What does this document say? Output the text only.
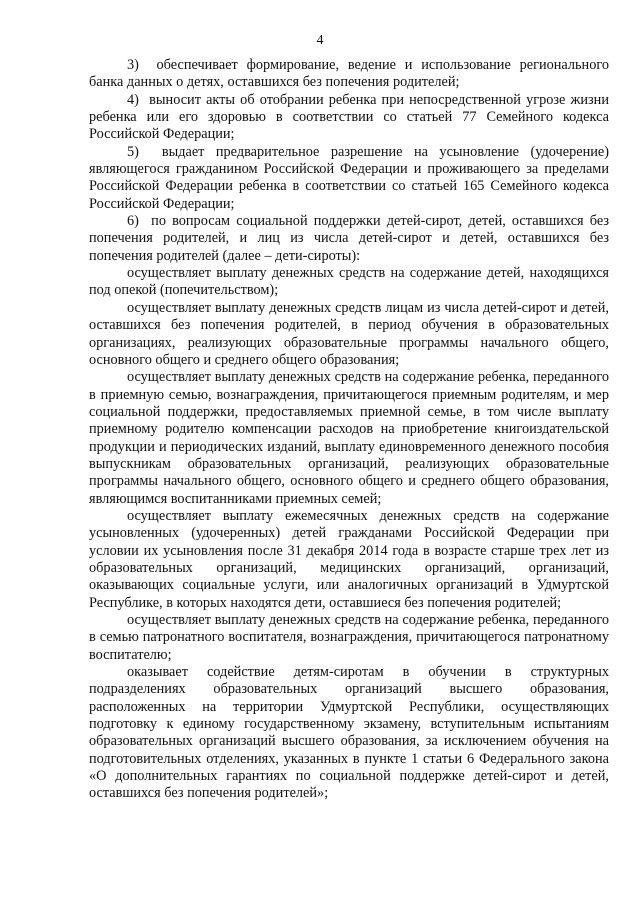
4

3)  обеспечивает формирование, ведение и использование регионального банка данных о детях, оставшихся без попечения родителей;

4)  выносит акты об отобрании ребенка при непосредственной угрозе жизни ребенка или его здоровью в соответствии со статьей 77 Семейного кодекса Российской Федерации;

5)  выдает предварительное разрешение на усыновление (удочерение) являющегося гражданином Российской Федерации и проживающего за пределами Российской Федерации ребенка в соответствии со статьей 165 Семейного кодекса Российской Федерации;

6)  по вопросам социальной поддержки детей-сирот, детей, оставшихся без попечения родителей, и лиц из числа детей-сирот и детей, оставшихся без попечения родителей (далее – дети-сироты):

осуществляет выплату денежных средств на содержание детей, находящихся под опекой (попечительством);

осуществляет выплату денежных средств лицам из числа детей-сирот и детей, оставшихся без попечения родителей, в период обучения в образовательных организациях, реализующих образовательные программы начального общего, основного общего и среднего общего образования;

осуществляет выплату денежных средств на содержание ребенка, переданного в приемную семью, вознаграждения, причитающегося приемным родителям, и мер социальной поддержки, предоставляемых приемной семье, в том числе выплату приемному родителю компенсации расходов на приобретение книгоиздательской продукции и периодических изданий, выплату единовременного денежного пособия выпускникам образовательных организаций, реализующих образовательные программы начального общего, основного общего и среднего общего образования, являющимся воспитанниками приемных семей;

осуществляет выплату ежемесячных денежных средств на содержание усыновленных (удочеренных) детей гражданами Российской Федерации при условии их усыновления после 31 декабря 2014 года в возрасте старше трех лет из образовательных организаций, медицинских организаций, организаций, оказывающих социальные услуги, или аналогичных организаций в Удмуртской Республике, в которых находятся дети, оставшиеся без попечения родителей;

осуществляет выплату денежных средств на содержание ребенка, переданного в семью патронатного воспитателя, вознаграждения, причитающегося патронатному воспитателю;

оказывает содействие детям-сиротам в обучении в структурных подразделениях образовательных организаций высшего образования, расположенных на территории Удмуртской Республики, осуществляющих подготовку к единому государственному экзамену, вступительным испытаниям образовательных организаций высшего образования, за исключением обучения на подготовительных отделениях, указанных в пункте 1 статьи 6 Федерального закона «О дополнительных гарантиях по социальной поддержке детей-сирот и детей, оставшихся без попечения родителей»;
